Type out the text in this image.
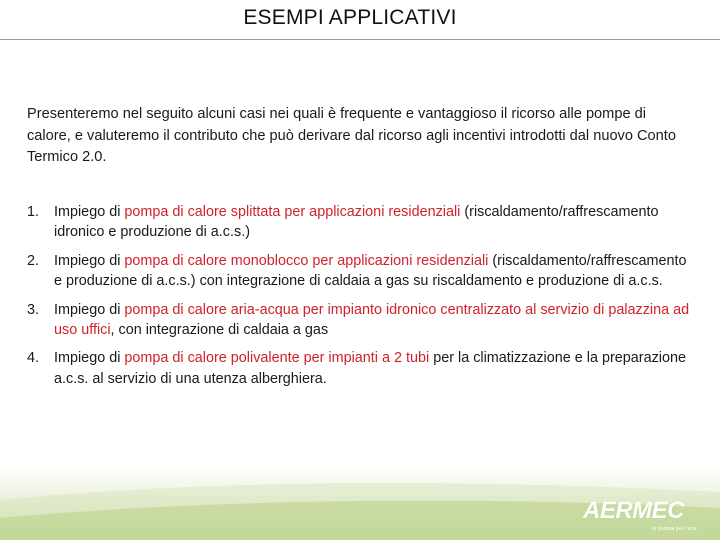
ESEMPI APPLICATIVI
Presenteremo nel seguito alcuni casi nei quali è frequente e vantaggioso il ricorso alle pompe di calore, e valuteremo il contributo che può derivare dal ricorso agli incentivi introdotti dal nuovo Conto Termico 2.0.
1. Impiego di pompa di calore splittata per applicazioni residenziali (riscaldamento/raffrescamento idronico e produzione di a.c.s.)
2. Impiego di pompa di calore monoblocco per applicazioni residenziali (riscaldamento/raffrescamento e produzione di a.c.s.) con integrazione di caldaia a gas su riscaldamento e produzione di a.c.s.
3. Impiego di pompa di calore aria-acqua per impianto idronico centralizzato al servizio di palazzina ad uso uffici, con integrazione di caldaia a gas
4. Impiego di pompa di calore polivalente per impianti a 2 tubi per la climatizzazione e la preparazione a.c.s. al servizio di una utenza alberghiera.
AERMEC
la pompa per l'aria
